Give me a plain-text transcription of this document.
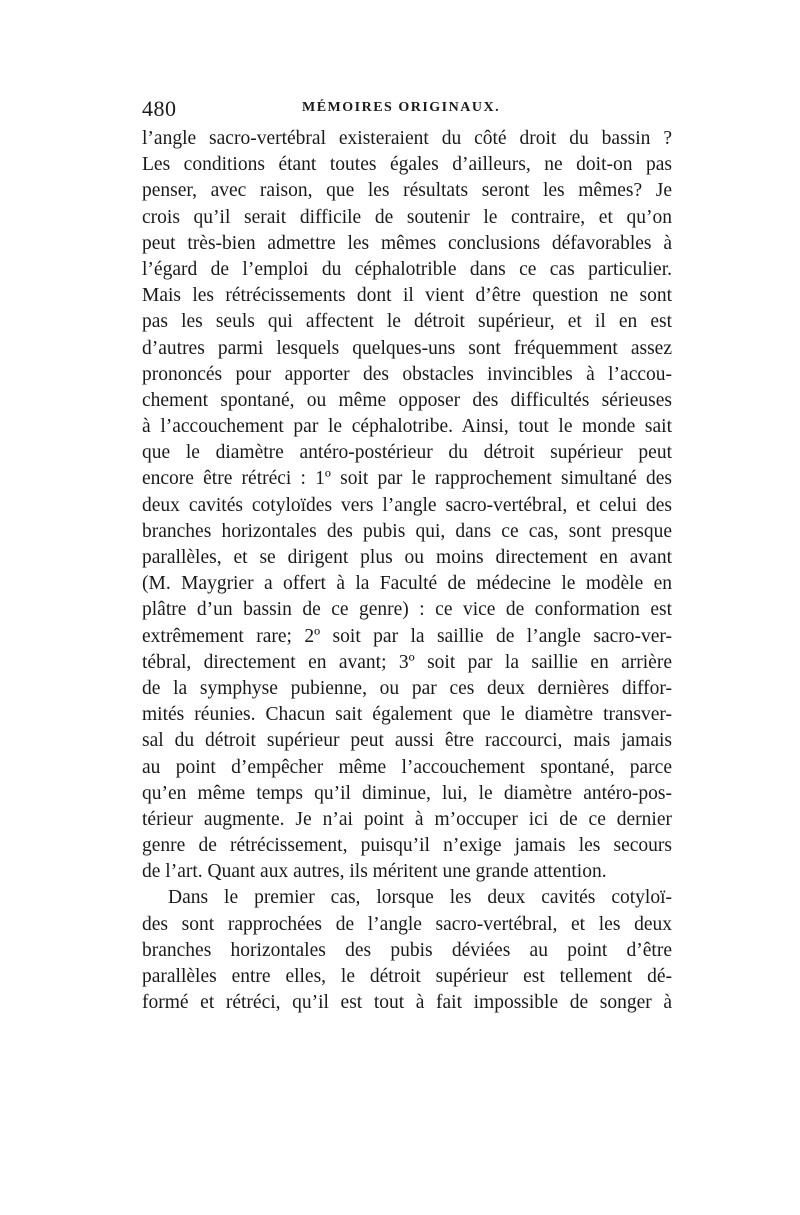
480	MÉMOIRES ORIGINAUX.
l’angle sacro-vertébral existeraient du côté droit du bassin ?
Les conditions étant toutes égales d’ailleurs, ne doit-on pas
penser, avec raison, que les résultats seront les mêmes? Je
crois qu’il serait difficile de soutenir le contraire, et qu’on
peut très-bien admettre les mêmes conclusions défavorables à
l’égard de l’emploi du céphalotrible dans ce cas particulier.
Mais les rétrécissements dont il vient d’être question ne sont
pas les seuls qui affectent le détroit supérieur, et il en est
d’autres parmi lesquels quelques-uns sont fréquemment assez
prononcés pour apporter des obstacles invincibles à l’accou-
chement spontané, ou même opposer des difficultés sérieuses
à l’accouchement par le céphalotribe. Ainsi, tout le monde sait
que le diamètre antéro-postérieur du détroit supérieur peut
encore être rétréci : 1º soit par le rapprochement simultané des
deux cavités cotyloïdes vers l’angle sacro-vertébral, et celui des
branches horizontales des pubis qui, dans ce cas, sont presque
parallèles, et se dirigent plus ou moins directement en avant
(M. Maygrier a offert à la Faculté de médecine le modèle en
plâtre d’un bassin de ce genre) : ce vice de conformation est
extrêmement rare; 2º soit par la saillie de l’angle sacro-ver-
tébral, directement en avant; 3º soit par la saillie en arrière
de la symphyse pubienne, ou par ces deux dernières diffor-
mités réunies. Chacun sait également que le diamètre transver-
sal du détroit supérieur peut aussi être raccourci, mais jamais
au point d’empêcher même l’accouchement spontané, parce
qu’en même temps qu’il diminue, lui, le diamètre antéro-pos-
térieur augmente. Je n’ai point à m’occuper ici de ce dernier
genre de rétrécissement, puisqu’il n’exige jamais les secours
de l’art. Quant aux autres, ils méritent une grande attention.
Dans le premier cas, lorsque les deux cavités cotyloï-
des sont rapprochées de l’angle sacro-vertébral, et les deux
branches horizontales des pubis déviées au point d’être
parallèles entre elles, le détroit supérieur est tellement dé-
formé et rétréci, qu’il est tout à fait impossible de songer à
